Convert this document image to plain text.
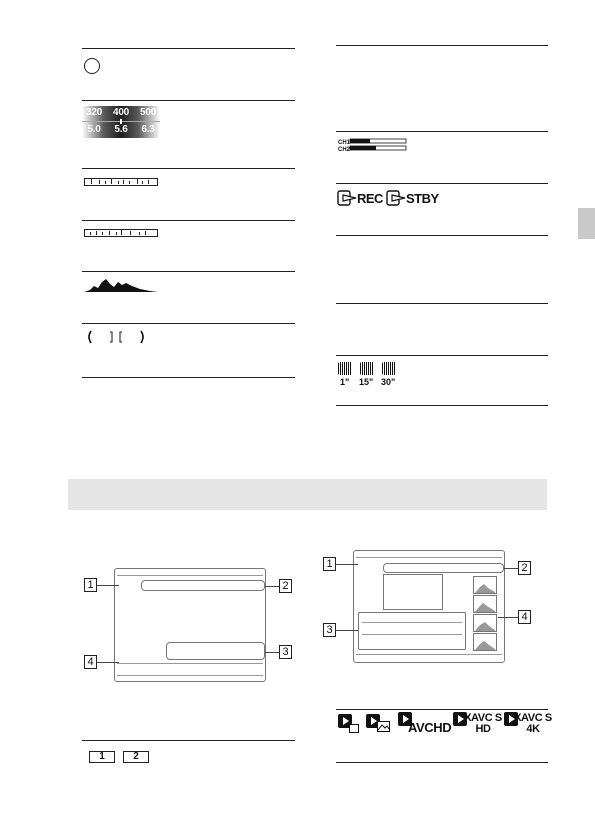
320	400	500
5.0	5.6	6.3
CH1
CH2
REC STBY
1" 15" 30"
1	2
3
4
1	2
3
4
1	2
AVCHD
XAVC S
HD
XAVC S
4K
